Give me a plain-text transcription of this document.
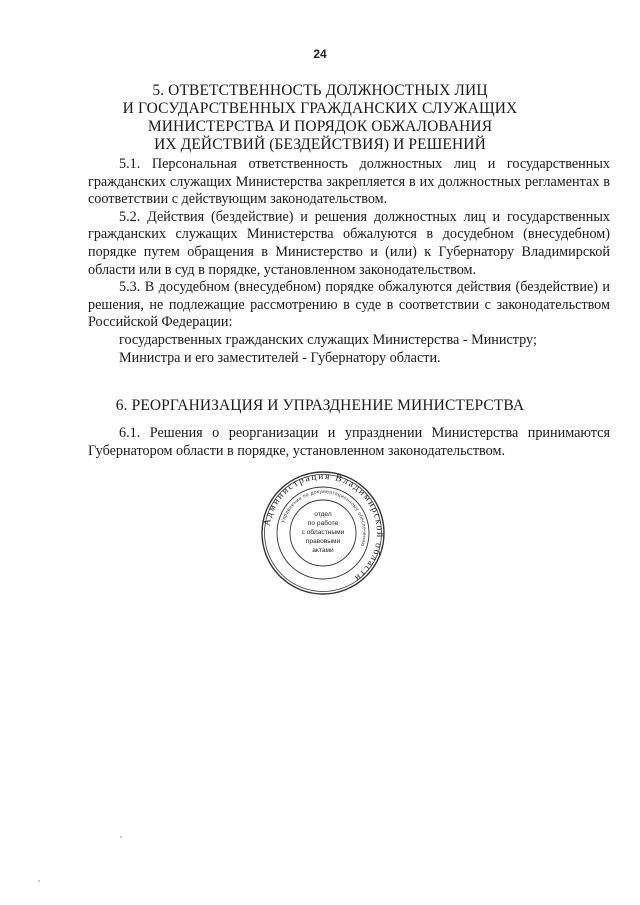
24
5. ОТВЕТСТВЕННОСТЬ ДОЛЖНОСТНЫХ ЛИЦ
И ГОСУДАРСТВЕННЫХ ГРАЖДАНСКИХ СЛУЖАЩИХ
МИНИСТЕРСТВА И ПОРЯДОК ОБЖАЛОВАНИЯ
ИХ ДЕЙСТВИЙ (БЕЗДЕЙСТВИЯ) И РЕШЕНИЙ

5.1. Персональная ответственность должностных лиц и государственных гражданских служащих Министерства закрепляется в их должностных регламентах в соответствии с действующим законодательством.

5.2. Действия (бездействие) и решения должностных лиц и государственных гражданских служащих Министерства обжалуются в досудебном (внесудебном) порядке путем обращения в Министерство и (или) к Губернатору Владимирской области или в суд в порядке, установленном законодательством.

5.3. В досудебном (внесудебном) порядке обжалуются действия (бездействие) и решения, не подлежащие рассмотрению в суде в соответствии с законодательством Российской Федерации:

государственных гражданских служащих Министерства - Министру;

Министра и его заместителей - Губернатору области.

6. РЕОРГАНИЗАЦИЯ И УПРАЗДНЕНИЕ МИНИСТЕРСТВА

6.1. Решения о реорганизации и упразднении Министерства принимаются Губернатором области в порядке, установленном законодательством.

Администрация Владимирской области
Управление по документационному обеспечению
отдел
по работе
с областными
правовыми
актами
